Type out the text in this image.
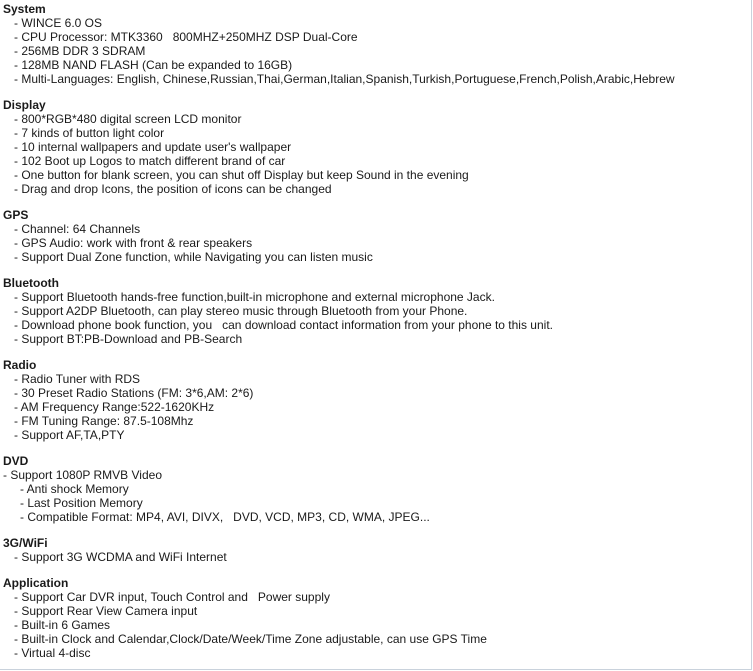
System
- WINCE 6.0 OS
- CPU Processor: MTK3360   800MHZ+250MHZ DSP Dual-Core
- 256MB DDR 3 SDRAM
- 128MB NAND FLASH (Can be expanded to 16GB)
- Multi-Languages: English, Chinese,Russian,Thai,German,Italian,Spanish,Turkish,Portuguese,French,Polish,Arabic,Hebrew
Display
- 800*RGB*480 digital screen LCD monitor
- 7 kinds of button light color
- 10 internal wallpapers and update user's wallpaper
- 102 Boot up Logos to match different brand of car
- One button for blank screen, you can shut off Display but keep Sound in the evening
- Drag and drop Icons, the position of icons can be changed
GPS
- Channel: 64 Channels
- GPS Audio: work with front & rear speakers
- Support Dual Zone function, while Navigating you can listen music
Bluetooth
- Support Bluetooth hands-free function,built-in microphone and external microphone Jack.
- Support A2DP Bluetooth, can play stereo music through Bluetooth from your Phone.
- Download phone book function, you   can download contact information from your phone to this unit.
- Support BT:PB-Download and PB-Search
Radio
- Radio Tuner with RDS
- 30 Preset Radio Stations (FM: 3*6,AM: 2*6)
- AM Frequency Range:522-1620KHz
- FM Tuning Range: 87.5-108Mhz
- Support AF,TA,PTY
DVD
- Support 1080P RMVB Video
- Anti shock Memory
- Last Position Memory
- Compatible Format: MP4, AVI, DIVX,   DVD, VCD, MP3, CD, WMA, JPEG...
3G/WiFi
- Support 3G WCDMA and WiFi Internet
Application
- Support Car DVR input, Touch Control and   Power supply
- Support Rear View Camera input
- Built-in 6 Games
- Built-in Clock and Calendar,Clock/Date/Week/Time Zone adjustable, can use GPS Time
- Virtual 4-disc
